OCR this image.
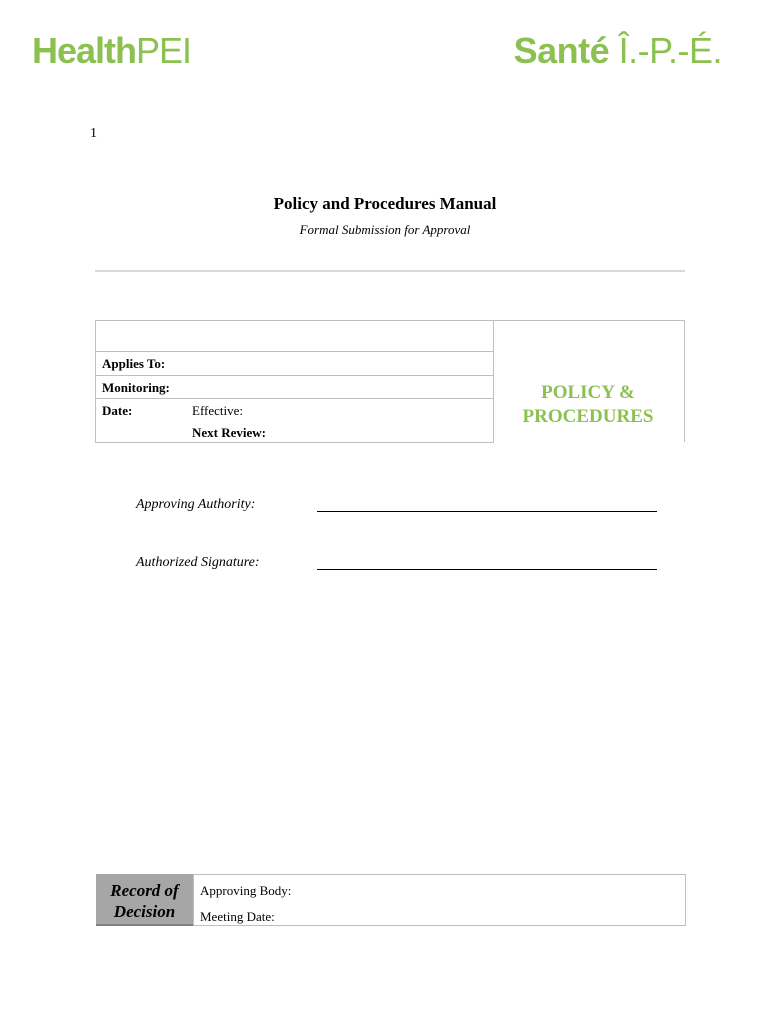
HealthPEI	Santé Î.-P.-É.
1
Policy and Procedures Manual
Formal Submission for Approval
Applies To:
Monitoring:
Date:	Effective:
Next Review:
POLICY &
PROCEDURES
Approving Authority:
Authorized Signature:
Record of
Decision
Approving Body:
Meeting Date:
